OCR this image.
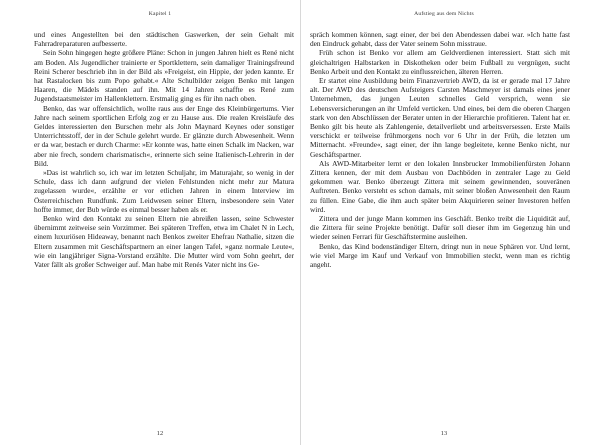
Kapitel 1

und eines Angestellten bei den städtischen Gaswerken, der sein Gehalt mit Fahrradreparaturen aufbesserte.

Sein Sohn hingegen hegte größere Pläne: Schon in jungen Jahren hielt es René nicht am Boden. Als Jugendlicher trainierte er Sportklettern, sein damaliger Trainingsfreund Reini Scherer beschrieb ihn in der Bild als »Freigeist, ein Hippie, der jeden kannte. Er hat Rastalocken bis zum Popo gehabt.« Alte Schulbilder zeigen Benko mit langen Haaren, die Mädels standen auf ihn. Mit 14 Jahren schaffte es René zum Jugendstaatsmeister im Hallenklettern. Erstmalig ging es für ihn nach oben.

Benko, das war offensichtlich, wollte raus aus der Enge des Kleinbürgertums. Vier Jahre nach seinem sportlichen Erfolg zog er zu Hause aus. Die realen Kreisläufe des Geldes interessierten den Burschen mehr als John Maynard Keynes oder sonstiger Unterrichtsstoff, der in der Schule gelehrt wurde. Er glänzte durch Abwesenheit. Wenn er da war, bestach er durch Charme: »Er konnte was, hatte einen Schalk im Nacken, war aber nie frech, sondern charismatisch«, erinnerte sich seine Italienisch-Lehrerin in der Bild.

»Das ist wahrlich so, ich war im letzten Schuljahr, im Maturajahr, so wenig in der Schule, dass ich dann aufgrund der vielen Fehlstunden nicht mehr zur Matura zugelassen wurde«, erzählte er vor etlichen Jahren in einem Interview im Österreichischen Rundfunk. Zum Leidwesen seiner Eltern, insbesondere sein Vater hoffte immer, der Bub würde es einmal besser haben als er.

Benko wird den Kontakt zu seinen Eltern nie abreißen lassen, seine Schwester übernimmt zeitweise sein Vorzimmer. Bei späteren Treffen, etwa im Chalet N in Lech, einem luxuriösen Hideaway, benannt nach Benkos zweiter Ehefrau Nathalie, sitzen die Eltern zusammen mit Geschäftspartnern an einer langen Tafel, »ganz normale Leute«, wie ein langjähriger Signa-Vorstand erzählte. Die Mutter wird vom Sohn geehrt, der Vater fällt als großer Schweiger auf. Man habe mit Renés Vater nicht ins Ge-

12
Aufstieg aus dem Nichts

spräch kommen können, sagt einer, der bei den Abendessen dabei war. »Ich hatte fast den Eindruck gehabt, dass der Vater seinem Sohn misstraue.

Früh schon ist Benko vor allem am Geldverdienen interessiert. Statt sich mit gleichaltrigen Halbstarken in Diskotheken oder beim Fußball zu vergnügen, sucht Benko Arbeit und den Kontakt zu einflussreichen, älteren Herren.

Er startet eine Ausbildung beim Finanzvertrieb AWD, da ist er gerade mal 17 Jahre alt. Der AWD des deutschen Aufsteigers Carsten Maschmeyer ist damals eines jener Unternehmen, das jungen Leuten schnelles Geld versprich, wenn sie Lebensversicherungen an ihr Umfeld verticken. Und eines, bei dem die oberen Chargen stark von den Abschlüssen der Berater unten in der Hierarchie profitieren. Talent hat er. Benko gilt bis heute als Zahlengenie, detailverliebt und arbeitsversessen. Erste Mails verschickt er teilweise frühmorgens noch vor 6 Uhr in der Früh, die letzten um Mitternacht. »Freunde«, sagt einer, der ihn lange begleitete, kenne Benko nicht, nur Geschäftspartner.

Als AWD-Mitarbeiter lernt er den lokalen Innsbrucker Immobilienfürsten Johann Zittera kennen, der mit dem Ausbau von Dachböden in zentraler Lage zu Geld gekommen war. Benko überzeugt Zittera mit seinem gewinnenden, souveränen Auftreten. Benko versteht es schon damals, mit seiner bloßen Anwesenheit den Raum zu füllen. Eine Gabe, die ihm auch später beim Akquirieren seiner Investoren helfen wird.

Zittera und der junge Mann kommen ins Geschäft. Benko treibt die Liquidität auf, die Zittera für seine Projekte benötigt. Dafür soll dieser ihm im Gegenzug hin und wieder seinen Ferrari für Geschäftstermine ausleihen.

Benko, das Kind bodenständiger Eltern, dringt nun in neue Sphären vor. Und lernt, wie viel Marge im Kauf und Verkauf von Immobilien steckt, wenn man es richtig angeht.

13
